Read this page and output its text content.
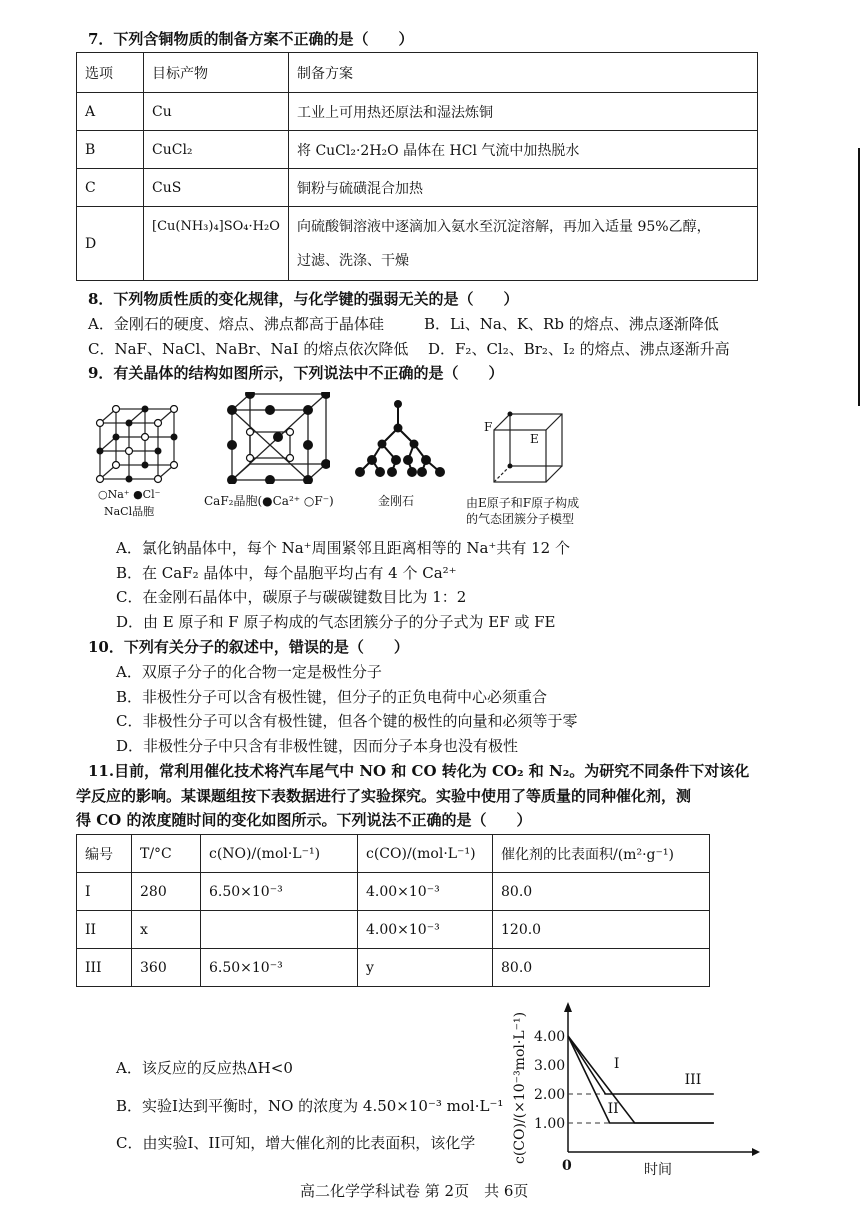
7．下列含铜物质的制备方案不正确的是（　　）
选项	目标产物	制备方案
A	Cu	工业上可用热还原法和湿法炼铜
B	CuCl₂	将 CuCl₂·2H₂O 晶体在 HCl 气流中加热脱水
C	CuS	铜粉与硫磺混合加热
D	[Cu(NH₃)₄]SO₄·H₂O	向硫酸铜溶液中逐滴加入氨水至沉淀溶解，再加入适量 95%乙醇，
过滤、洗涤、干燥
8．下列物质性质的变化规律，与化学键的强弱无关的是（　　）
A．金刚石的硬度、熔点、沸点都高于晶体硅	B．Li、Na、K、Rb 的熔点、沸点逐渐降低
C．NaF、NaCl、NaBr、NaI 的熔点依次降低 D．F₂、Cl₂、Br₂、I₂ 的熔点、沸点逐渐升高
9．有关晶体的结构如图所示，下列说法中不正确的是（　　）
○Na⁺ ●Cl⁻
NaCl晶胞
CaF₂晶胞(●Ca²⁺ ○F⁻)	金刚石
F
E
由E原子和F原子构成
的气态团簇分子模型
A．氯化钠晶体中，每个 Na⁺周围紧邻且距离相等的 Na⁺共有 12 个
B．在 CaF₂ 晶体中，每个晶胞平均占有 4 个 Ca²⁺
C．在金刚石晶体中，碳原子与碳碳键数目比为 1：2
D．由 E 原子和 F 原子构成的气态团簇分子的分子式为 EF 或 FE
10．下列有关分子的叙述中，错误的是（　　）
A．双原子分子的化合物一定是极性分子
B．非极性分子可以含有极性键，但分子的正负电荷中心必须重合
C．非极性分子可以含有极性键，但各个键的极性的向量和必须等于零
D．非极性分子中只含有非极性键，因而分子本身也没有极性
11.目前，常利用催化技术将汽车尾气中 NO 和 CO 转化为 CO₂ 和 N₂。为研究不同条件下对该化
学反应的影响。某课题组按下表数据进行了实验探究。实验中使用了等质量的同种催化剂，测
得 CO 的浓度随时间的变化如图所示。下列说法不正确的是（　　）
编号	T/°C	c(NO)/(mol·L⁻¹)	c(CO)/(mol·L⁻¹)	催化剂的比表面积/(m²·g⁻¹)
I	280	6.50×10⁻³	4.00×10⁻³	80.0
II	x		4.00×10⁻³	120.0
III	360	6.50×10⁻³	y	80.0
A．该反应的反应热ΔH<0
B．实验I达到平衡时，NO 的浓度为 4.50×10⁻³ mol·L⁻¹
C．由实验I、II可知，增大催化剂的比表面积，该化学
4.00
3.00
2.00
1.00
I
II
III
时间
0
c(CO)/(×10⁻³mol·L⁻¹)
高二化学学科试卷 第 2页　共 6页
